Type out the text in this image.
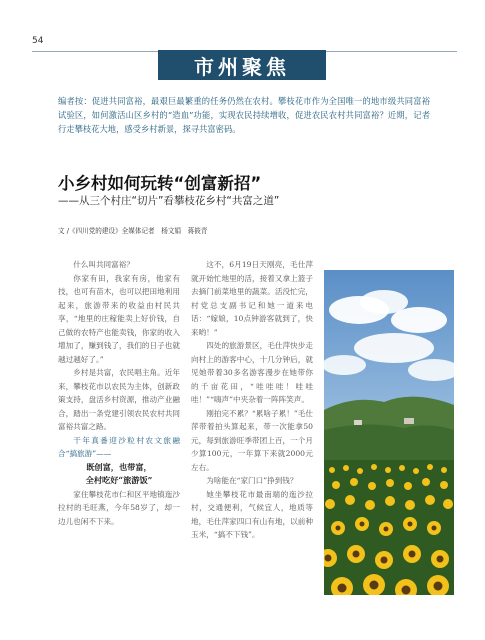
54
市州聚焦
编者按：促进共同富裕，最艰巨最繁重的任务仍然在农村。攀枝花市作为全国唯一的地市级共同富裕试验区，如何激活山区乡村的“造血”功能，实现农民持续增收，促进农民农村共同富裕？近期，记者行走攀枝花大地，感受乡村新景，探寻共富密码。
小乡村如何玩转“创富新招”
——从三个村庄“切片”看攀枝花乡村“共富之道”
文 /《四川党的建设》全媒体记者　杨文娟　蒋筱青

什么叫共同富裕？

你家有田，我家有房，他家有技，也可有苗木，也可以把田地利用起来，旅游带来的收益由村民共享，“地里的庄稼能卖上好价钱，自己做的农特产也能卖钱，你家的收入增加了，赚到钱了，我们的日子也就越过越好了。”

乡村是共富，农民唱主角。近年来，攀枝花市以农民为主体，创新政策支持，盘活乡村资源，推动产业融合，踏出一条党建引领农民农村共同富裕共富之路。

干年真番迎沙粒村农文旅融合“搞旅游”——

既创富，也带富，

全村吃好“旅游饭”

家住攀枝花市仁和区平地镇迤沙拉村的毛旺燕，今年58岁了，却一边儿也闲不下来。

这不，6月19日天刚亮，毛仕萍就开始忙地里的活，接着又拿上篮子去摘门前菜地里的蔬菜。活没忙完，村党总支副书记和她一道来电话：“嫁娘，10点钟游客就到了，快来哟！”

四处的旅游景区，毛仕萍快步走向村上的游客中心，十几分钟后，就见她带着30多名游客漫步在她带你的千亩花田，“哇哇哇！哇哇哇！”“嗨声”中夹杂着一阵阵笑声。

刚拍完不累？“累啥子累！”毛仕萍带着拍头算起来，带一次能拿50元，每到旅游旺季带团上百，一个月少算100元，一年算下来就2000元左右。

为啥能在“家门口”挣到钱？

她坐攀枝花市最南端的迤沙拉村，交通便利，气候宜人，地质等地，毛仕萍家四口有山有地，以前种玉米，“搞不下钱”。
